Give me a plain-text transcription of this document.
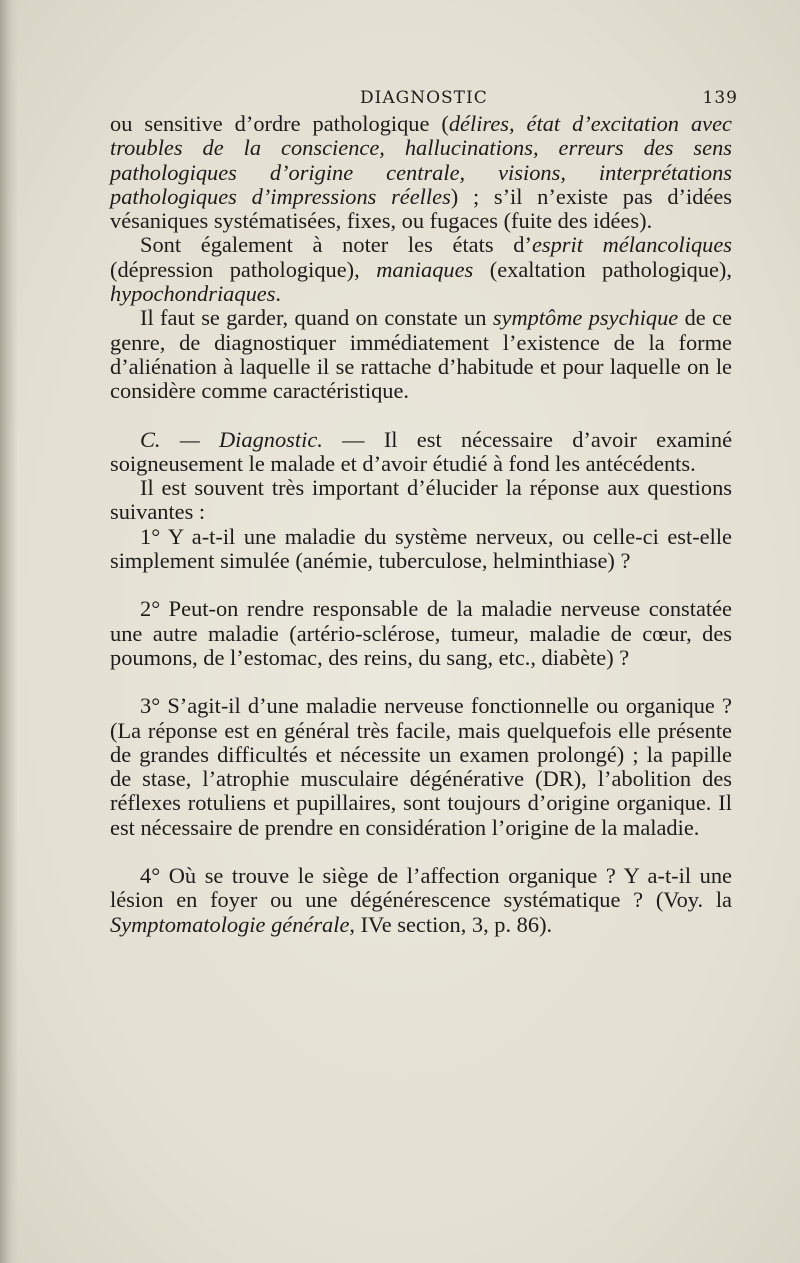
DIAGNOSTIC	139

ou sensitive d’ordre pathologique (délires, état d’excitation avec troubles de la conscience, hallucinations, erreurs des sens pathologiques d’origine centrale, visions, interprétations pathologiques d’impressions réelles) ; s’il n’existe pas d’idées vésaniques systématisées, fixes, ou fugaces (fuite des idées).

Sont également à noter les états d’esprit mélancoliques (dépression pathologique), maniaques (exaltation pathologique), hypochondriaques.

Il faut se garder, quand on constate un symptôme psychique de ce genre, de diagnostiquer immédiatement l’existence de la forme d’aliénation à laquelle il se rattache d’habitude et pour laquelle on le considère comme caractéristique.

C. — Diagnostic. — Il est nécessaire d’avoir examiné soigneusement le malade et d’avoir étudié à fond les antécédents.

Il est souvent très important d’élucider la réponse aux questions suivantes :

1° Y a-t-il une maladie du système nerveux, ou celle-ci est-elle simplement simulée (anémie, tuberculose, helminthiase) ?

2° Peut-on rendre responsable de la maladie nerveuse constatée une autre maladie (artério-sclérose, tumeur, maladie de cœur, des poumons, de l’estomac, des reins, du sang, etc., diabète) ?

3° S’agit-il d’une maladie nerveuse fonctionnelle ou organique ? (La réponse est en général très facile, mais quelquefois elle présente de grandes difficultés et nécessite un examen prolongé) ; la papille de stase, l’atrophie musculaire dégénérative (DR), l’abolition des réflexes rotuliens et pupillaires, sont toujours d’origine organique. Il est nécessaire de prendre en considération l’origine de la maladie.

4° Où se trouve le siège de l’affection organique ? Y a-t-il une lésion en foyer ou une dégénérescence systématique ? (Voy. la Symptomatologie générale, IVe section, 3, p. 86).
